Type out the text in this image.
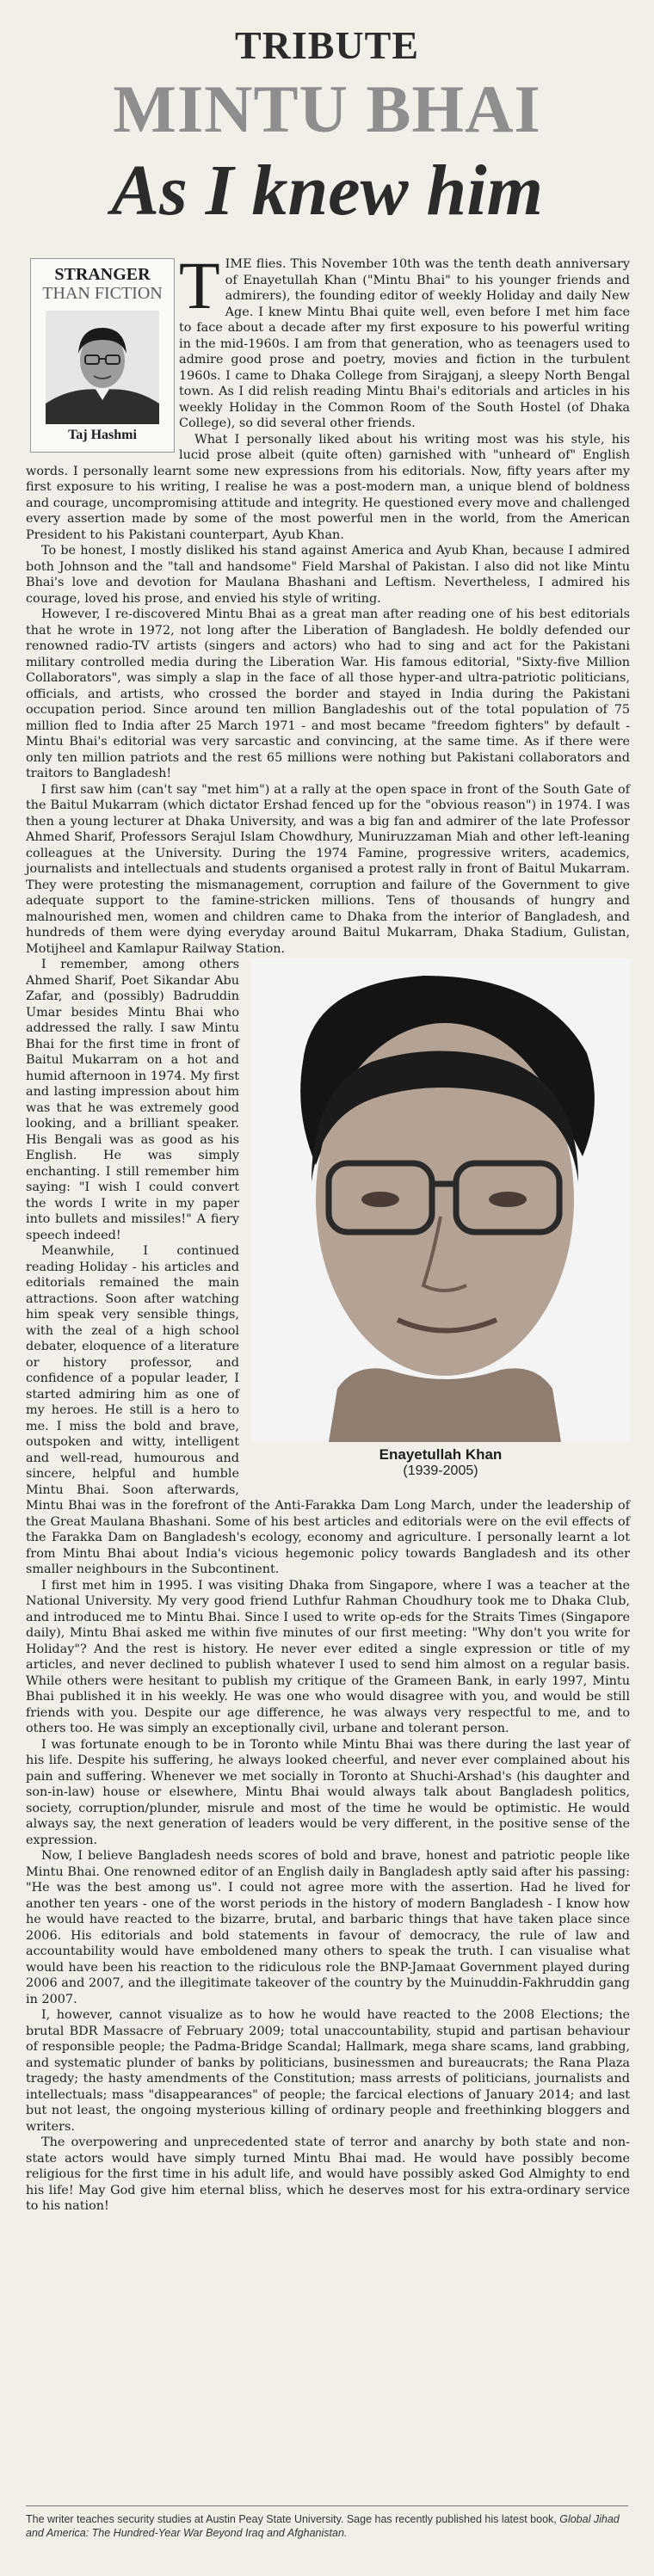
TRIBUTE
MINTU BHAI
As I knew him
STRANGER
THAN FICTION
Taj Hashmi

TIME flies. This November 10th was the tenth death anniversary of Enayetullah Khan ("Mintu Bhai" to his younger friends and admirers), the founding editor of weekly Holiday and daily New Age. I knew Mintu Bhai quite well, even before I met him face to face about a decade after my first exposure to his powerful writing in the mid-1960s. I am from that generation, who as teenagers used to admire good prose and poetry, movies and fiction in the turbulent 1960s. I came to Dhaka College from Sirajganj, a sleepy North Bengal town. As I did relish reading Mintu Bhai's editorials and articles in his weekly Holiday in the Common Room of the South Hostel (of Dhaka College), so did several other friends.

What I personally liked about his writing most was his style, his lucid prose albeit (quite often) garnished with "unheard of" English words. I personally learnt some new expressions from his editorials. Now, fifty years after my first exposure to his writing, I realise he was a post-modern man, a unique blend of boldness and courage, uncompromising attitude and integrity. He questioned every move and challenged every assertion made by some of the most powerful men in the world, from the American President to his Pakistani counterpart, Ayub Khan.

To be honest, I mostly disliked his stand against America and Ayub Khan, because I admired both Johnson and the "tall and handsome" Field Marshal of Pakistan. I also did not like Mintu Bhai's love and devotion for Maulana Bhashani and Leftism. Nevertheless, I admired his courage, loved his prose, and envied his style of writing.

However, I re-discovered Mintu Bhai as a great man after reading one of his best editorials that he wrote in 1972, not long after the Liberation of Bangladesh. He boldly defended our renowned radio-TV artists (singers and actors) who had to sing and act for the Pakistani military controlled media during the Liberation War. His famous editorial, "Sixty-five Million Collaborators", was simply a slap in the face of all those hyper-and ultra-patriotic politicians, officials, and artists, who crossed the border and stayed in India during the Pakistani occupation period. Since around ten million Bangladeshis out of the total population of 75 million fled to India after 25 March 1971 - and most became "freedom fighters" by default - Mintu Bhai's editorial was very sarcastic and convincing, at the same time. As if there were only ten million patriots and the rest 65 millions were nothing but Pakistani collaborators and traitors to Bangladesh!

I first saw him (can't say "met him") at a rally at the open space in front of the South Gate of the Baitul Mukarram (which dictator Ershad fenced up for the "obvious reason") in 1974. I was then a young lecturer at Dhaka University, and was a big fan and admirer of the late Professor Ahmed Sharif, Professors Serajul Islam Chowdhury, Muniruzzaman Miah and other left-leaning colleagues at the University. During the 1974 Famine, progressive writers, academics, journalists and intellectuals and students organised a protest rally in front of Baitul Mukarram. They were protesting the mismanagement, corruption and failure of the Government to give adequate support to the famine-stricken millions. Tens of thousands of hungry and malnourished men, women and children came to Dhaka from the interior of Bangladesh, and hundreds of them were dying everyday around Baitul Mukarram, Dhaka Stadium, Gulistan, Motijheel and Kamlapur Railway Station.

Enayetullah Khan
(1939-2005)

I remember, among others Ahmed Sharif, Poet Sikandar Abu Zafar, and (possibly) Badruddin Umar besides Mintu Bhai who addressed the rally. I saw Mintu Bhai for the first time in front of Baitul Mukarram on a hot and humid afternoon in 1974. My first and lasting impression about him was that he was extremely good looking, and a brilliant speaker. His Bengali was as good as his English. He was simply enchanting. I still remember him saying: "I wish I could convert the words I write in my paper into bullets and missiles!" A fiery speech indeed!

Meanwhile, I continued reading Holiday - his articles and editorials remained the main attractions. Soon after watching him speak very sensible things, with the zeal of a high school debater, eloquence of a literature or history professor, and confidence of a popular leader, I started admiring him as one of my heroes. He still is a hero to me. I miss the bold and brave, outspoken and witty, intelligent and well-read, humourous and sincere, helpful and humble Mintu Bhai. Soon afterwards, Mintu Bhai was in the forefront of the Anti-Farakka Dam Long March, under the leadership of the Great Maulana Bhashani. Some of his best articles and editorials were on the evil effects of the Farakka Dam on Bangladesh's ecology, economy and agriculture. I personally learnt a lot from Mintu Bhai about India's vicious hegemonic policy towards Bangladesh and its other smaller neighbours in the Subcontinent.

I first met him in 1995. I was visiting Dhaka from Singapore, where I was a teacher at the National University. My very good friend Luthfur Rahman Choudhury took me to Dhaka Club, and introduced me to Mintu Bhai. Since I used to write op-eds for the Straits Times (Singapore daily), Mintu Bhai asked me within five minutes of our first meeting: "Why don't you write for Holiday"? And the rest is history. He never ever edited a single expression or title of my articles, and never declined to publish whatever I used to send him almost on a regular basis. While others were hesitant to publish my critique of the Grameen Bank, in early 1997, Mintu Bhai published it in his weekly. He was one who would disagree with you, and would be still friends with you. Despite our age difference, he was always very respectful to me, and to others too. He was simply an exceptionally civil, urbane and tolerant person.

I was fortunate enough to be in Toronto while Mintu Bhai was there during the last year of his life. Despite his suffering, he always looked cheerful, and never ever complained about his pain and suffering. Whenever we met socially in Toronto at Shuchi-Arshad's (his daughter and son-in-law) house or elsewhere, Mintu Bhai would always talk about Bangladesh politics, society, corruption/plunder, misrule and most of the time he would be optimistic. He would always say, the next generation of leaders would be very different, in the positive sense of the expression.

Now, I believe Bangladesh needs scores of bold and brave, honest and patriotic people like Mintu Bhai. One renowned editor of an English daily in Bangladesh aptly said after his passing: "He was the best among us". I could not agree more with the assertion. Had he lived for another ten years - one of the worst periods in the history of modern Bangladesh - I know how he would have reacted to the bizarre, brutal, and barbaric things that have taken place since 2006. His editorials and bold statements in favour of democracy, the rule of law and accountability would have emboldened many others to speak the truth. I can visualise what would have been his reaction to the ridiculous role the BNP-Jamaat Government played during 2006 and 2007, and the illegitimate takeover of the country by the Muinuddin-Fakhruddin gang in 2007.

I, however, cannot visualize as to how he would have reacted to the 2008 Elections; the brutal BDR Massacre of February 2009; total unaccountability, stupid and partisan behaviour of responsible people; the Padma-Bridge Scandal; Hallmark, mega share scams, land grabbing, and systematic plunder of banks by politicians, businessmen and bureaucrats; the Rana Plaza tragedy; the hasty amendments of the Constitution; mass arrests of politicians, journalists and intellectuals; mass "disappearances" of people; the farcical elections of January 2014; and last but not least, the ongoing mysterious killing of ordinary people and freethinking bloggers and writers.

The overpowering and unprecedented state of terror and anarchy by both state and non-state actors would have simply turned Mintu Bhai mad. He would have possibly become religious for the first time in his adult life, and would have possibly asked God Almighty to end his life! May God give him eternal bliss, which he deserves most for his extra-ordinary service to his nation!

The writer teaches security studies at Austin Peay State University. Sage has recently published his latest book, Global Jihad and America: The Hundred-Year War Beyond Iraq and Afghanistan.
